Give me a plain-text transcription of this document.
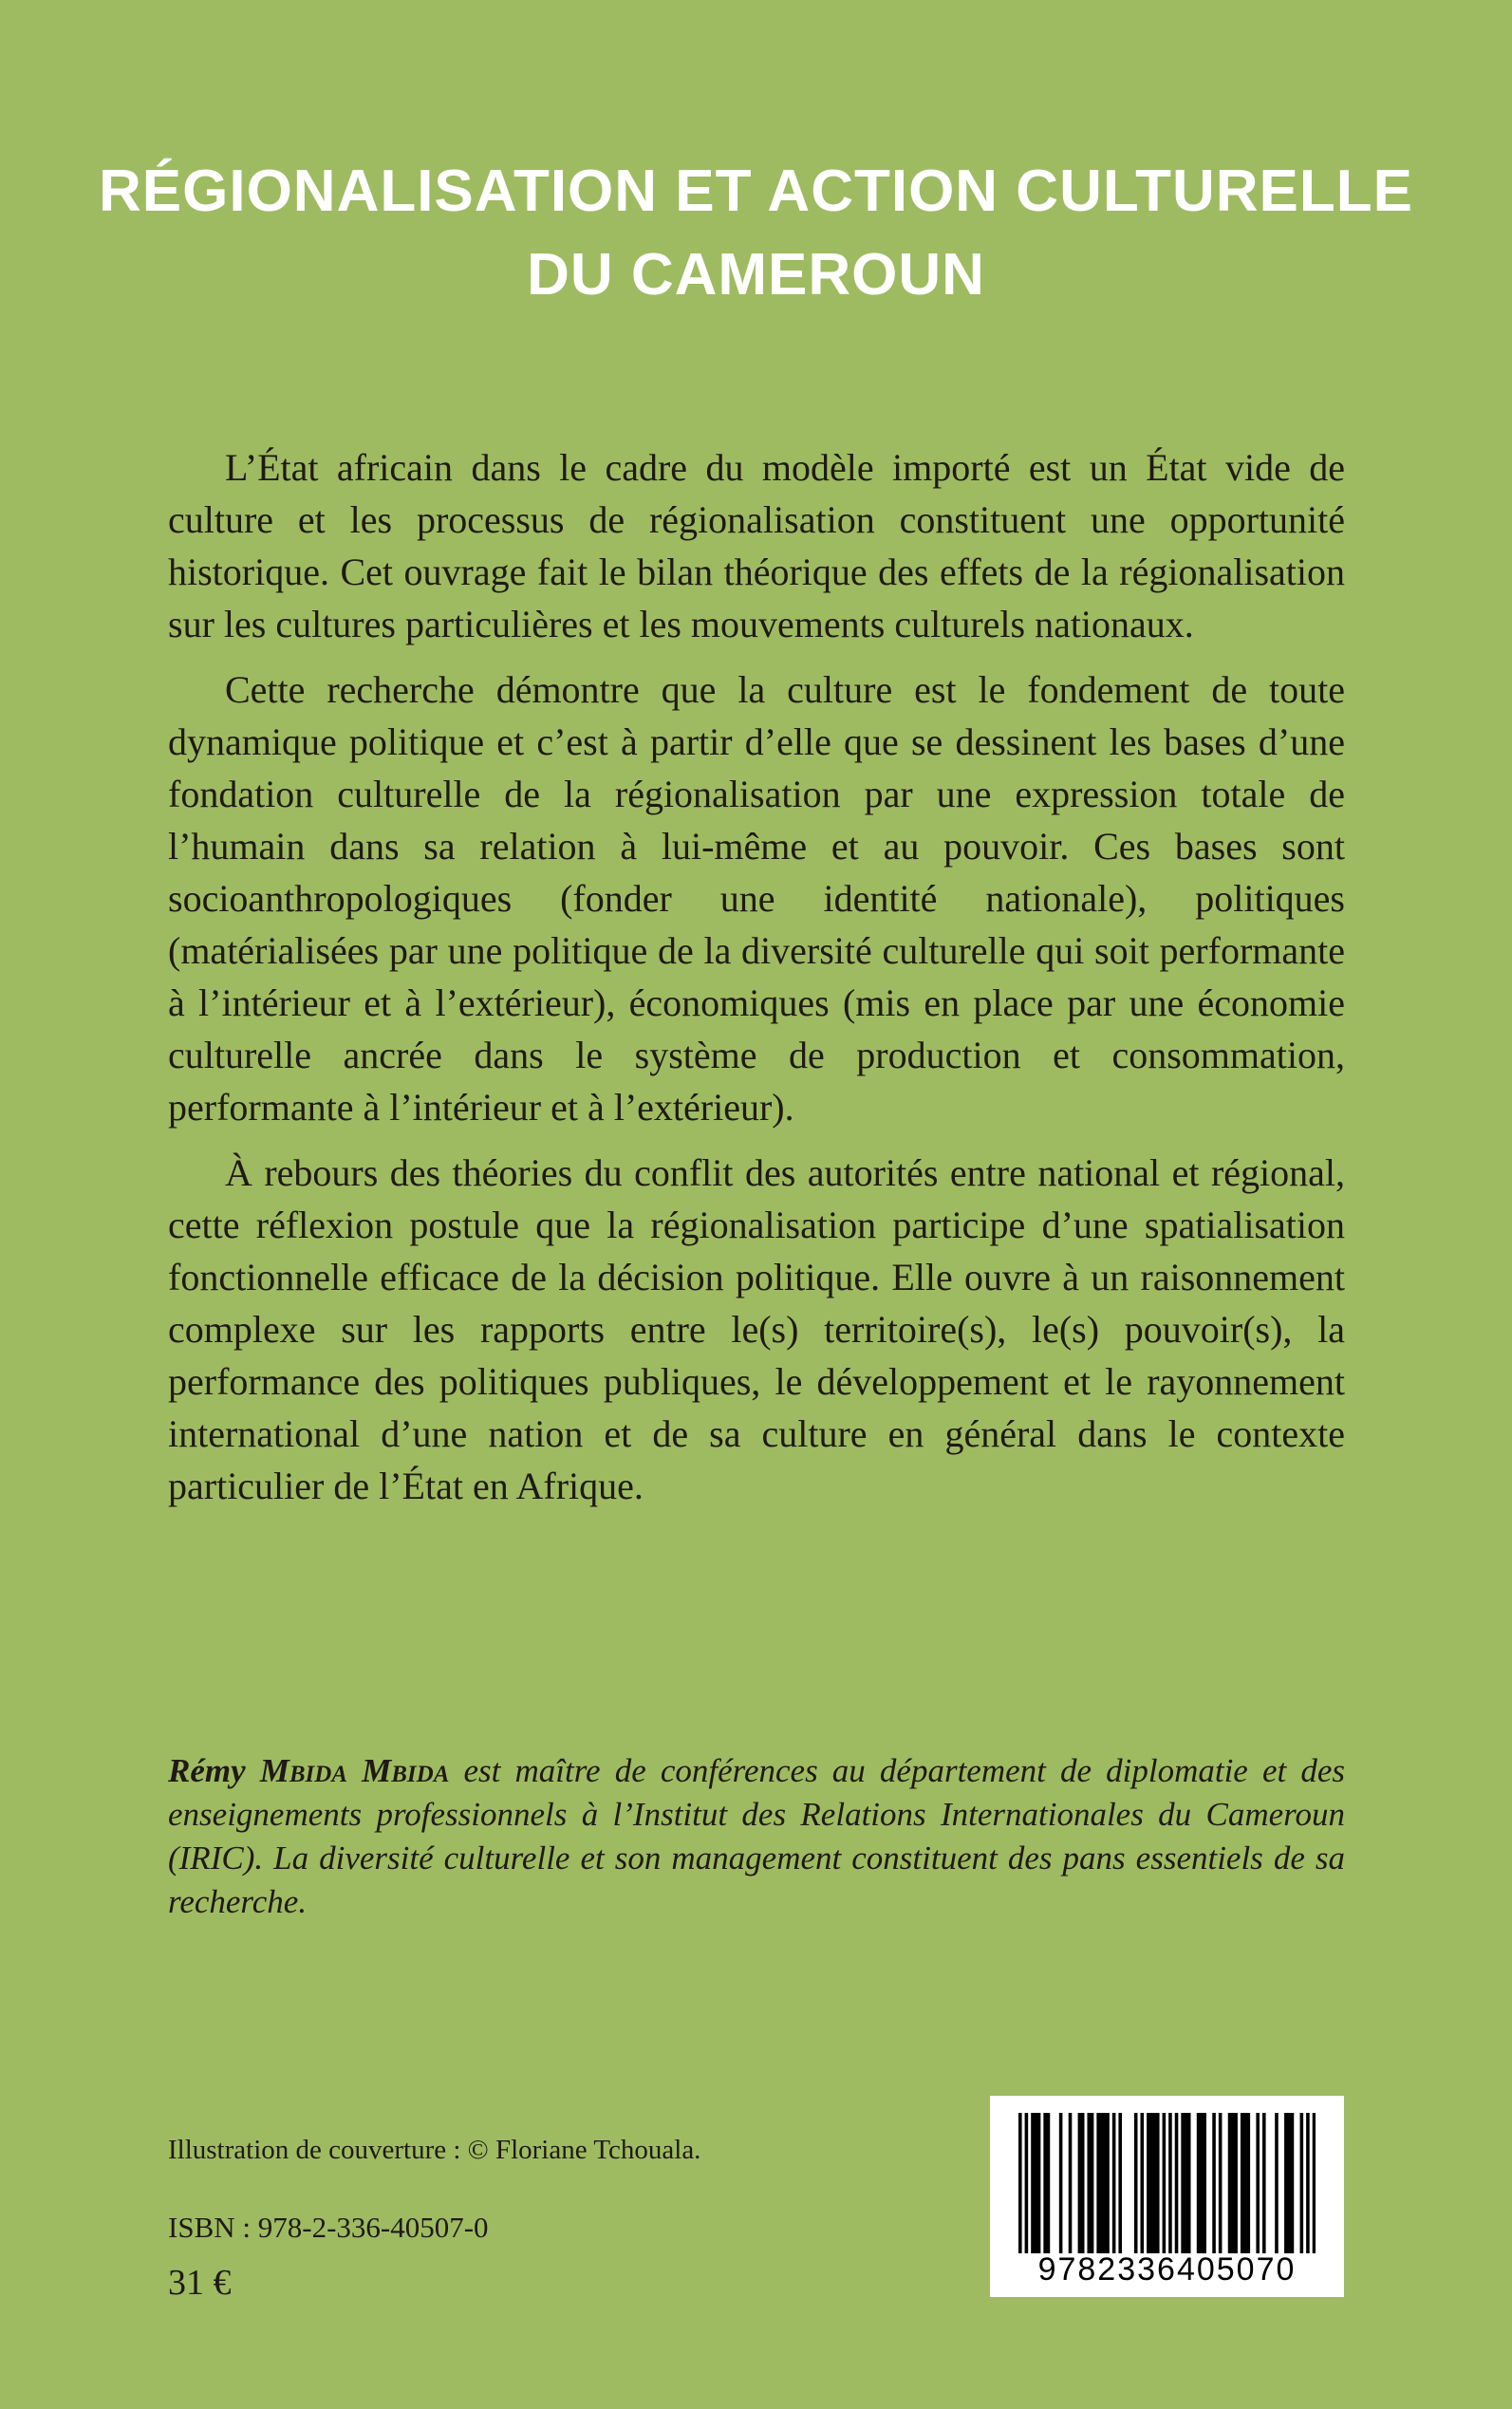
RÉGIONALISATION ET ACTION CULTURELLE
DU CAMEROUN

L’État africain dans le cadre du modèle importé est un État vide de culture et les processus de régionalisation constituent une opportunité historique. Cet ouvrage fait le bilan théorique des effets de la régionalisation sur les cultures particulières et les mouvements culturels nationaux.

Cette recherche démontre que la culture est le fondement de toute dynamique politique et c’est à partir d’elle que se dessinent les bases d’une fondation culturelle de la régionalisation par une expression totale de l’humain dans sa relation à lui-même et au pouvoir. Ces bases sont socioanthropologiques (fonder une identité nationale), politiques (matérialisées par une politique de la diversité culturelle qui soit performante à l’intérieur et à l’extérieur), économiques (mis en place par une économie culturelle ancrée dans le système de production et consommation, performante à l’intérieur et à l’extérieur).

À rebours des théories du conflit des autorités entre national et régional, cette réflexion postule que la régionalisation participe d’une spatialisation fonctionnelle efficace de la décision politique. Elle ouvre à un raisonnement complexe sur les rapports entre le(s) territoire(s), le(s) pouvoir(s), la performance des politiques publiques, le développement et le rayonnement international d’une nation et de sa culture en général dans le contexte particulier de l’État en Afrique.

Rémy Mbida Mbida est maître de conférences au département de diplomatie et des enseignements professionnels à l’Institut des Relations Internationales du Cameroun (IRIC). La diversité culturelle et son management constituent des pans essentiels de sa recherche.
Illustration de couverture : © Floriane Tchouala.
ISBN : 978-2-336-40507-0
31 €	9782336405070
